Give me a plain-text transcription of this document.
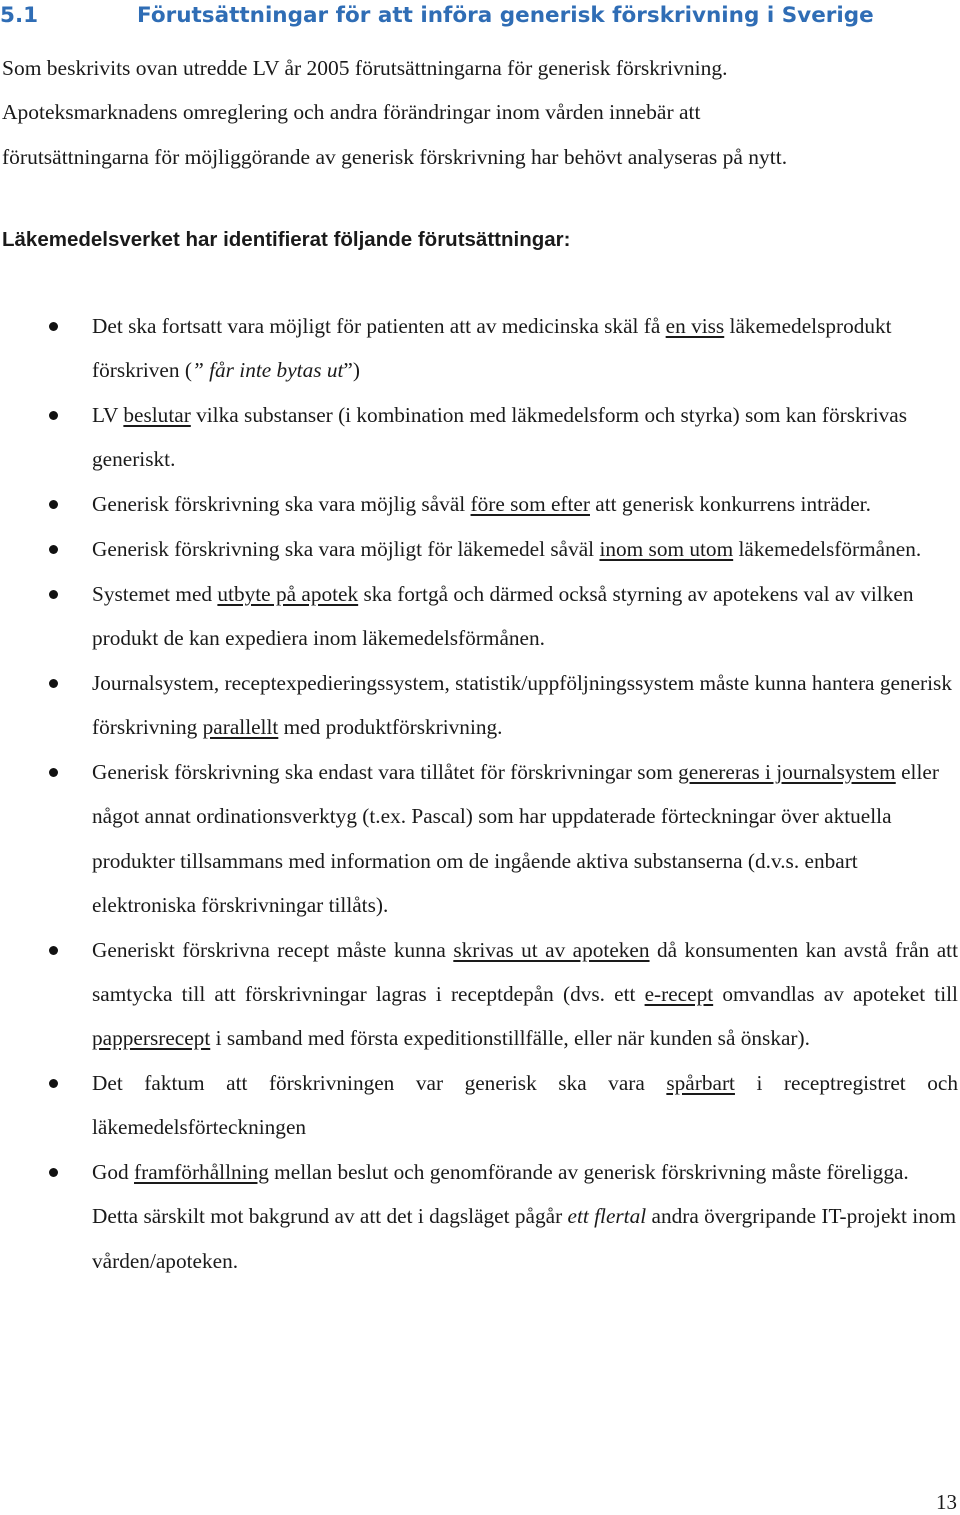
5.1	Förutsättningar för att införa generisk förskrivning i Sverige

Som beskrivits ovan utredde LV år 2005 förutsättningarna för generisk förskrivning.
Apoteksmarknadens omreglering och andra förändringar inom vården innebär att
förutsättningarna för möjliggörande av generisk förskrivning har behövt analyseras på nytt.

Läkemedelsverket har identifierat följande förutsättningar:

Det ska fortsatt vara möjligt för patienten att av medicinska skäl få en viss läkemedelsprodukt förskriven (” får inte bytas ut”)
LV beslutar vilka substanser (i kombination med läkmedelsform och styrka) som kan förskrivas generiskt.
Generisk förskrivning ska vara möjlig såväl före som efter att generisk konkurrens inträder.
Generisk förskrivning ska vara möjligt för läkemedel såväl inom som utom läkemedelsförmånen.
Systemet med utbyte på apotek ska fortgå och därmed också styrning av apotekens val av vilken produkt de kan expediera inom läkemedelsförmånen.
Journalsystem, receptexpedieringssystem, statistik/uppföljningssystem måste kunna hantera generisk förskrivning parallellt med produktförskrivning.
Generisk förskrivning ska endast vara tillåtet för förskrivningar som genereras i journalsystem eller något annat ordinationsverktyg (t.ex. Pascal) som har uppdaterade förteckningar över aktuella produkter tillsammans med information om de ingående aktiva substanserna (d.v.s. enbart elektroniska förskrivningar tillåts).
Generiskt förskrivna recept måste kunna skrivas ut av apoteken då konsumenten kan avstå från att samtycka till att förskrivningar lagras i receptdepån (dvs. ett e-recept omvandlas av apoteket till pappersrecept i samband med första expeditionstillfälle, eller när kunden så önskar).
Det faktum att förskrivningen var generisk ska vara spårbart i receptregistret och läkemedelsförteckningen
God framförhållning mellan beslut och genomförande av generisk förskrivning måste föreligga. Detta särskilt mot bakgrund av att det i dagsläget pågår ett flertal andra övergripande IT-projekt inom vården/apoteken.
13
